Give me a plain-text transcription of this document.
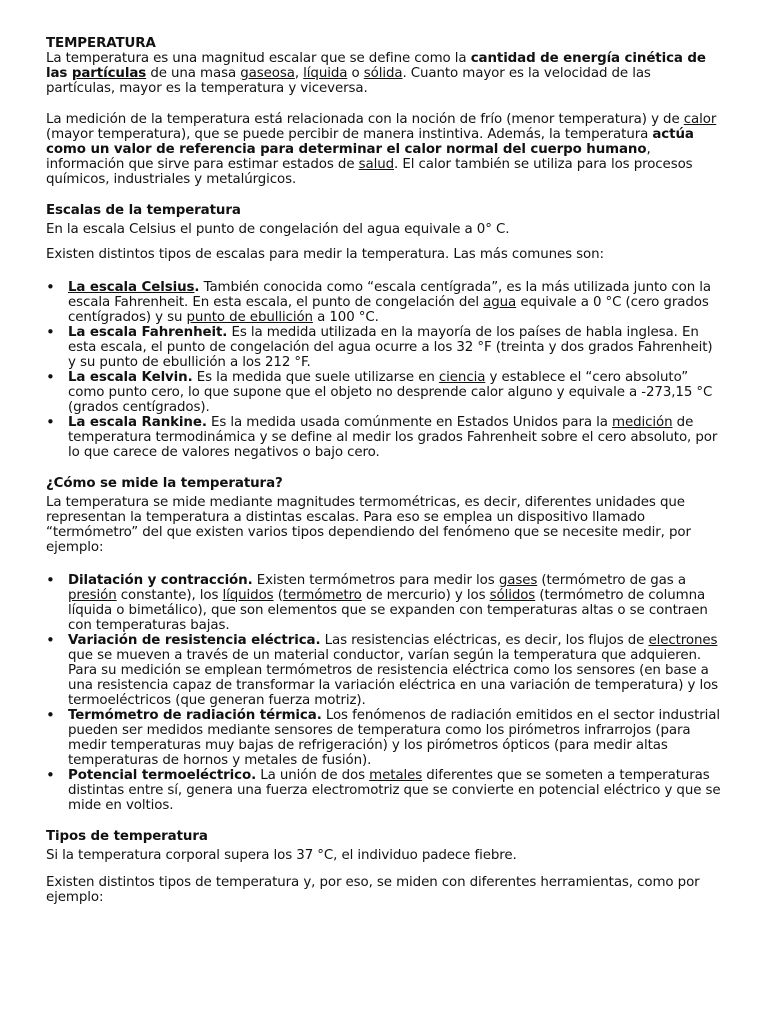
TEMPERATURA

La temperatura es una magnitud escalar que se define como la cantidad de energía cinética de las partículas de una masa gaseosa, líquida o sólida. Cuanto mayor es la velocidad de las partículas, mayor es la temperatura y viceversa.

La medición de la temperatura está relacionada con la noción de frío (menor temperatura) y de calor (mayor temperatura), que se puede percibir de manera instintiva. Además, la temperatura actúa como un valor de referencia para determinar el calor normal del cuerpo humano, información que sirve para estimar estados de salud. El calor también se utiliza para los procesos químicos, industriales y metalúrgicos.

Escalas de la temperatura

En la escala Celsius el punto de congelación del agua equivale a 0° C.

Existen distintos tipos de escalas para medir la temperatura. Las más comunes son:

• La escala Celsius. También conocida como “escala centígrada”, es la más utilizada junto con la escala Fahrenheit. En esta escala, el punto de congelación del agua equivale a 0 °C (cero grados centígrados) y su punto de ebullición a 100 °C.
• La escala Fahrenheit. Es la medida utilizada en la mayoría de los países de habla inglesa. En esta escala, el punto de congelación del agua ocurre a los 32 °F (treinta y dos grados Fahrenheit) y su punto de ebullición a los 212 °F.
• La escala Kelvin. Es la medida que suele utilizarse en ciencia y establece el “cero absoluto” como punto cero, lo que supone que el objeto no desprende calor alguno y equivale a -273,15 °C (grados centígrados).
• La escala Rankine. Es la medida usada comúnmente en Estados Unidos para la medición de temperatura termodinámica y se define al medir los grados Fahrenheit sobre el cero absoluto, por lo que carece de valores negativos o bajo cero.

¿Cómo se mide la temperatura?

La temperatura se mide mediante magnitudes termométricas, es decir, diferentes unidades que representan la temperatura a distintas escalas. Para eso se emplea un dispositivo llamado “termómetro” del que existen varios tipos dependiendo del fenómeno que se necesite medir, por ejemplo:

• Dilatación y contracción. Existen termómetros para medir los gases (termómetro de gas a presión constante), los líquidos (termómetro de mercurio) y los sólidos (termómetro de columna líquida o bimetálico), que son elementos que se expanden con temperaturas altas o se contraen con temperaturas bajas.
• Variación de resistencia eléctrica. Las resistencias eléctricas, es decir, los flujos de electrones que se mueven a través de un material conductor, varían según la temperatura que adquieren. Para su medición se emplean termómetros de resistencia eléctrica como los sensores (en base a una resistencia capaz de transformar la variación eléctrica en una variación de temperatura) y los termoeléctricos (que generan fuerza motriz).
• Termómetro de radiación térmica. Los fenómenos de radiación emitidos en el sector industrial pueden ser medidos mediante sensores de temperatura como los pirómetros infrarrojos (para medir temperaturas muy bajas de refrigeración) y los pirómetros ópticos (para medir altas temperaturas de hornos y metales de fusión).
• Potencial termoeléctrico. La unión de dos metales diferentes que se someten a temperaturas distintas entre sí, genera una fuerza electromotriz que se convierte en potencial eléctrico y que se mide en voltios.

Tipos de temperatura

Si la temperatura corporal supera los 37 °C, el individuo padece fiebre.

Existen distintos tipos de temperatura y, por eso, se miden con diferentes herramientas, como por ejemplo:
